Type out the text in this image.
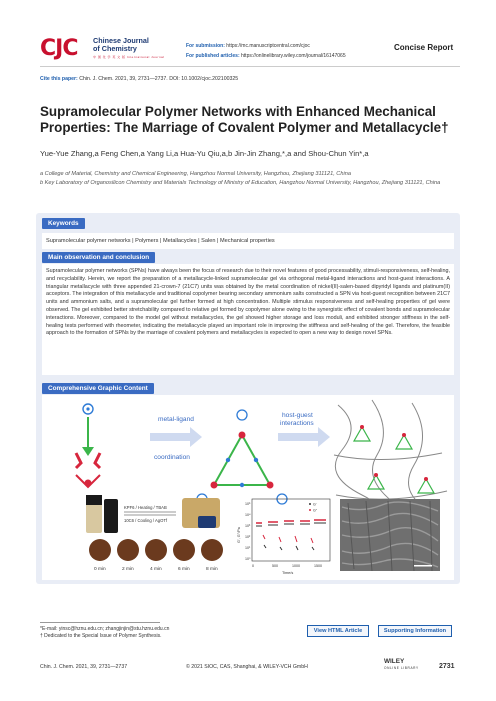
CJC Chinese Journal
of Chemistry
中 国 化 学 英 文 版 International Journal
For submission: https://mc.manuscriptcentral.com/cjoc
For published articles: https://onlinelibrary.wiley.com/journal/16147065
Concise Report
Cite this paper: Chin. J. Chem. 2021, 39, 2731—2737. DOI: 10.1002/cjoc.202100325
Supramolecular Polymer Networks with Enhanced Mechanical Properties: The Marriage of Covalent Polymer and Metallacycle†
Yue-Yue Zhang,a Feng Chen,a Yang Li,a Hua-Yu Qiu,a,b Jin-Jin Zhang,*,a and Shou-Chun Yin*,a
a College of Material, Chemistry and Chemical Engineering, Hangzhou Normal University, Hangzhou, Zhejiang 311121, China
b Key Laboratory of Organosilicon Chemistry and Materials Technology of Ministry of Education, Hangzhou Normal University, Hangzhou, Zhejiang 311121, China
Keywords
Supramolecular polymer networks | Polymers | Metallacycles | Salen | Mechanical properties
Main observation and conclusion
Supramolecular polymer networks (SPNs) have always been the focus of research due to their novel features of good processability, stimuli-responsiveness, self-healing, and recyclability. Herein, we report the preparation of a metallacycle-linked supramolecular gel via orthogonal metal-ligand interactions and host-guest interactions. A triangular metallacycle with three appended 21-crown-7 (21C7) units was obtained by the metal coordination of nickel(II)-salen-based dipyridyl ligands and platinum(II) acceptors. The integration of this metallacycle and traditional copolymer bearing secondary ammonium salts constructed a SPN via host-guest recognition between 21C7 units and ammonium salts, and a supramolecular gel further formed at high concentration. Multiple stimulus responsiveness and self-healing properties of gel were observed. The gel exhibited better stretchability compared to relative gel formed by copolymer alone owing to the synergistic effect of covalent bonds and supramolecular interactions. Moreover, compared to the model gel without metallacycles, the gel showed higher storage and loss moduli, and exhibited stronger stiffness in the self-healing tests performed with rheometer, indicating the metallacycle played an important role in improving the stiffness and self-healing of the gel. Therefore, the feasible approach to the formation of SPNs by the marriage of covalent polymers and metallacycles is expected to open a new way to design novel SPNs.
Comprehensive Graphic Content
metal-ligand
coordination
host-guest
interactions
KPF6 / Heating / TBAB
10C6 / Cooling / AgOTf
0 min	2 min	4 min	6 min	8 min
10⁵
10⁴
10³
10²
10¹
10⁰
G', G''/Pa
0	500	1000	1500
Time/s
G'
G''
*E-mail: yinsc@hznu.edu.cn; zhangjinjin@stu.hznu.edu.cn
† Dedicated to the Special Issue of Polymer Synthesis.
View HTML Article	Supporting Information
Chin. J. Chem. 2021, 39, 2731—2737	© 2021 SIOC, CAS, Shanghai, & WILEY-VCH GmbH
WILEY
ONLINE LIBRARY	2731
